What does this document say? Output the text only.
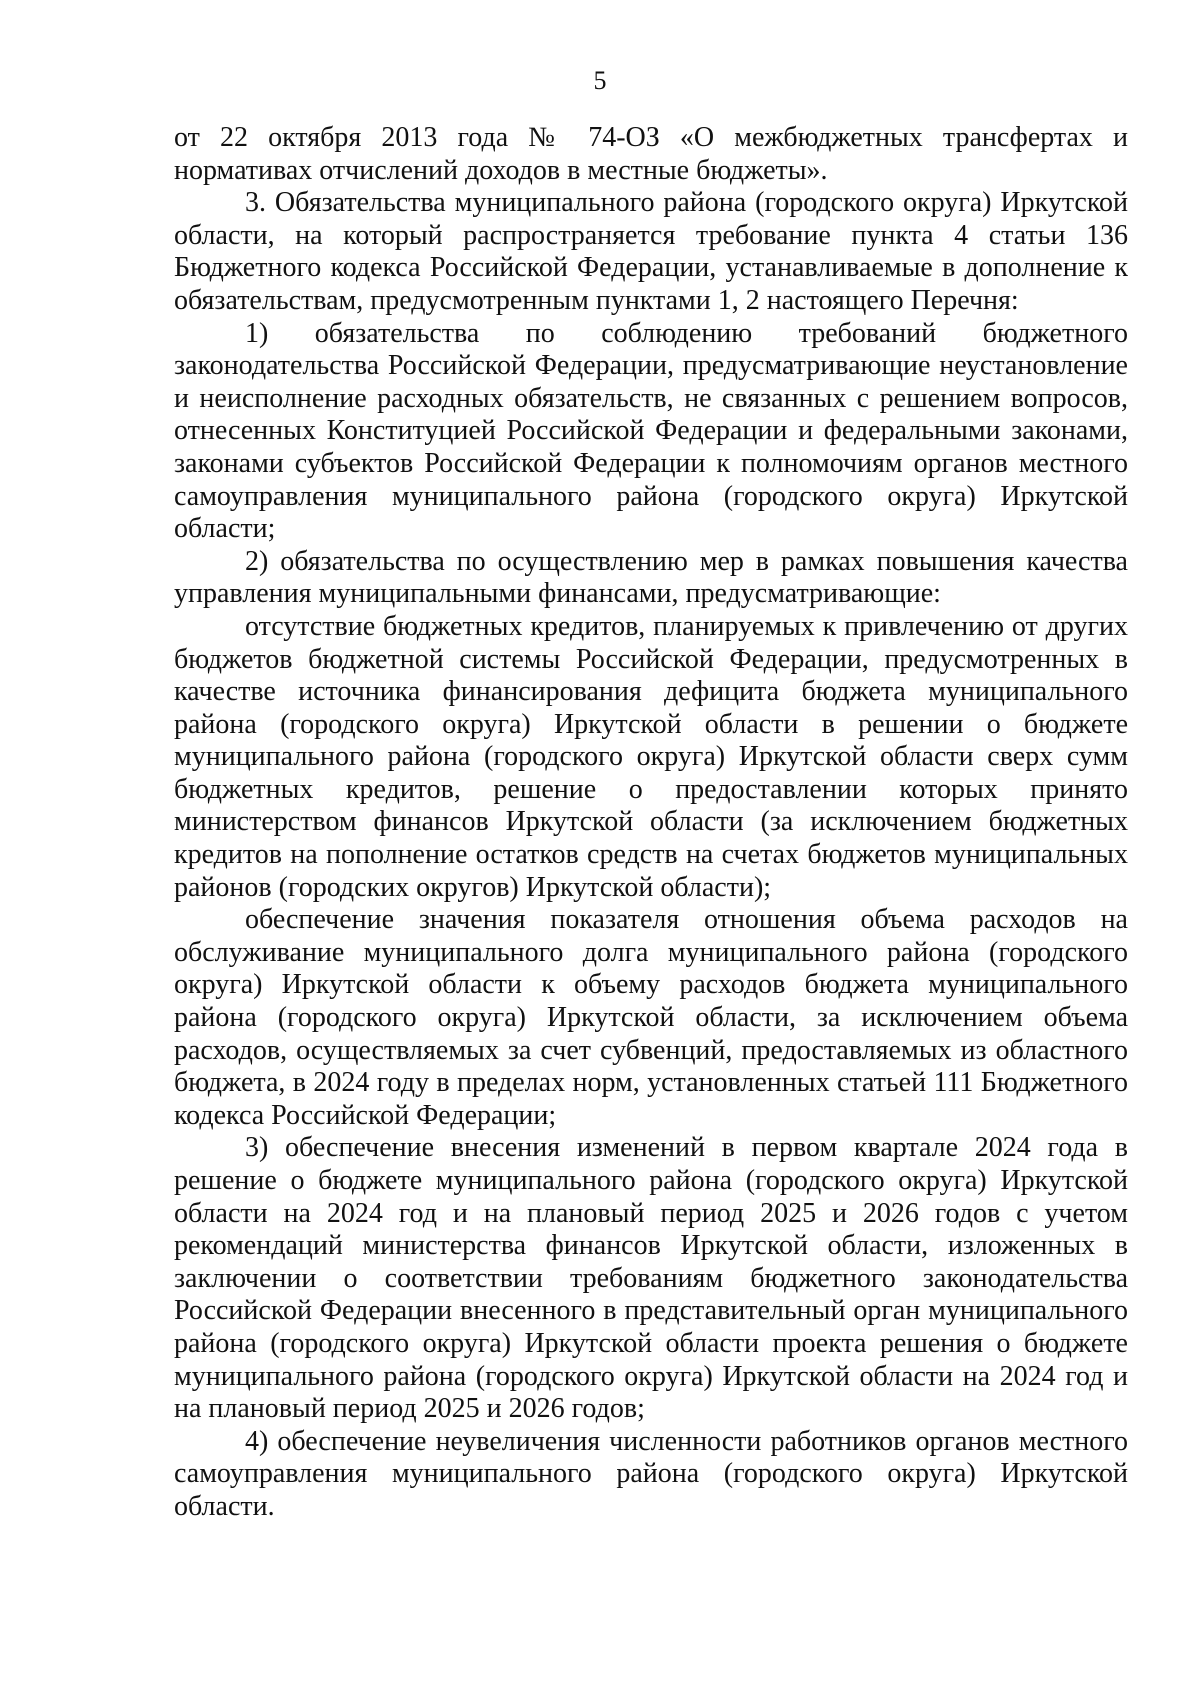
5

от 22 октября 2013 года № 74-ОЗ «О межбюджетных трансфертах и нормативах отчислений доходов в местные бюджеты».

3. Обязательства муниципального района (городского округа) Иркутской области, на который распространяется требование пункта 4 статьи 136 Бюджетного кодекса Российской Федерации, устанавливаемые в дополнение к обязательствам, предусмотренным пунктами 1, 2 настоящего Перечня:

1) обязательства по соблюдению требований бюджетного законодательства Российской Федерации, предусматривающие неустановление и неисполнение расходных обязательств, не связанных с решением вопросов, отнесенных Конституцией Российской Федерации и федеральными законами, законами субъектов Российской Федерации к полномочиям органов местного самоуправления муниципального района (городского округа) Иркутской области;

2) обязательства по осуществлению мер в рамках повышения качества управления муниципальными финансами, предусматривающие:

отсутствие бюджетных кредитов, планируемых к привлечению от других бюджетов бюджетной системы Российской Федерации, предусмотренных в качестве источника финансирования дефицита бюджета муниципального района (городского округа) Иркутской области в решении о бюджете муниципального района (городского округа) Иркутской области сверх сумм бюджетных кредитов, решение о предоставлении которых принято министерством финансов Иркутской области (за исключением бюджетных кредитов на пополнение остатков средств на счетах бюджетов муниципальных районов (городских округов) Иркутской области);

обеспечение значения показателя отношения объема расходов на обслуживание муниципального долга муниципального района (городского округа) Иркутской области к объему расходов бюджета муниципального района (городского округа) Иркутской области, за исключением объема расходов, осуществляемых за счет субвенций, предоставляемых из областного бюджета, в 2024 году в пределах норм, установленных статьей 111 Бюджетного кодекса Российской Федерации;

3) обеспечение внесения изменений в первом квартале 2024 года в решение о бюджете муниципального района (городского округа) Иркутской области на 2024 год и на плановый период 2025 и 2026 годов с учетом рекомендаций министерства финансов Иркутской области, изложенных в заключении о соответствии требованиям бюджетного законодательства Российской Федерации внесенного в представительный орган муниципального района (городского округа) Иркутской области проекта решения о бюджете муниципального района (городского округа) Иркутской области на 2024 год и на плановый период 2025 и 2026 годов;

4) обеспечение неувеличения численности работников органов местного самоуправления муниципального района (городского округа) Иркутской области.
